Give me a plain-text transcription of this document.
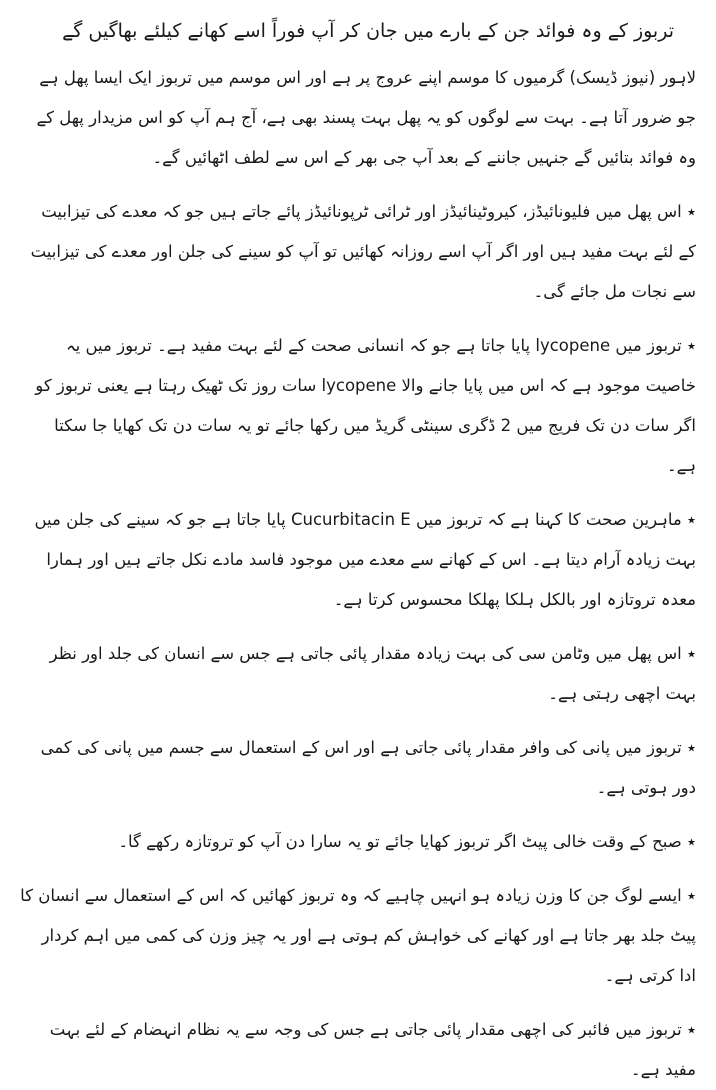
تربوز کے وہ فوائد جن کے بارے میں جان کر آپ فوراً اسے کھانے کیلئے بھاگیں گے

لاہور (نیوز ڈیسک) گرمیوں کا موسم اپنے عروج پر ہے اور اس موسم میں تربوز ایک ایسا پھل ہے جو ضرور آتا ہے۔ بہت سے لوگوں کو یہ پھل بہت پسند بھی ہے، آج ہم آپ کو اس مزیدار پھل کے وہ فوائد بتائیں گے جنہیں جاننے کے بعد آپ جی بھر کے اس سے لطف اٹھائیں گے۔

٭ اس پھل میں فلیونائیڈز، کیروٹینائیڈز اور ٹرائی ٹرپونائیڈز پائے جاتے ہیں جو کہ معدے کی تیزابیت کے لئے بہت مفید ہیں اور اگر آپ اسے روزانہ کھائیں تو آپ کو سینے کی جلن اور معدے کی تیزابیت سے نجات مل جائے گی۔

٭ تربوز میں lycopene پایا جاتا ہے جو کہ انسانی صحت کے لئے بہت مفید ہے۔ تربوز میں یہ خاصیت موجود ہے کہ اس میں پایا جانے والا lycopene سات روز تک ٹھیک رہتا ہے یعنی تربوز کو اگر سات دن تک فریج میں 2 ڈگری سینٹی گریڈ میں رکھا جائے تو یہ سات دن تک کھایا جا سکتا ہے۔

٭ ماہرین صحت کا کہنا ہے کہ تربوز میں Cucurbitacin E پایا جاتا ہے جو کہ سینے کی جلن میں بہت زیادہ آرام دیتا ہے۔ اس کے کھانے سے معدے میں موجود فاسد مادے نکل جاتے ہیں اور ہمارا معدہ تروتازہ اور بالکل ہلکا پھلکا محسوس کرتا ہے۔

٭ اس پھل میں وٹامن سی کی بہت زیادہ مقدار پائی جاتی ہے جس سے انسان کی جلد اور نظر بہت اچھی رہتی ہے۔

٭ تربوز میں پانی کی وافر مقدار پائی جاتی ہے اور اس کے استعمال سے جسم میں پانی کی کمی دور ہوتی ہے۔

٭ صبح کے وقت خالی پیٹ اگر تربوز کھایا جائے تو یہ سارا دن آپ کو تروتازہ رکھے گا۔

٭ ایسے لوگ جن کا وزن زیادہ ہو انہیں چاہیے کہ وہ تربوز کھائیں کہ اس کے استعمال سے انسان کا پیٹ جلد بھر جاتا ہے اور کھانے کی خواہش کم ہوتی ہے اور یہ چیز وزن کی کمی میں اہم کردار ادا کرتی ہے۔

٭ تربوز میں فائبر کی اچھی مقدار پائی جاتی ہے جس کی وجہ سے یہ نظام انہضام کے لئے بہت مفید ہے۔
